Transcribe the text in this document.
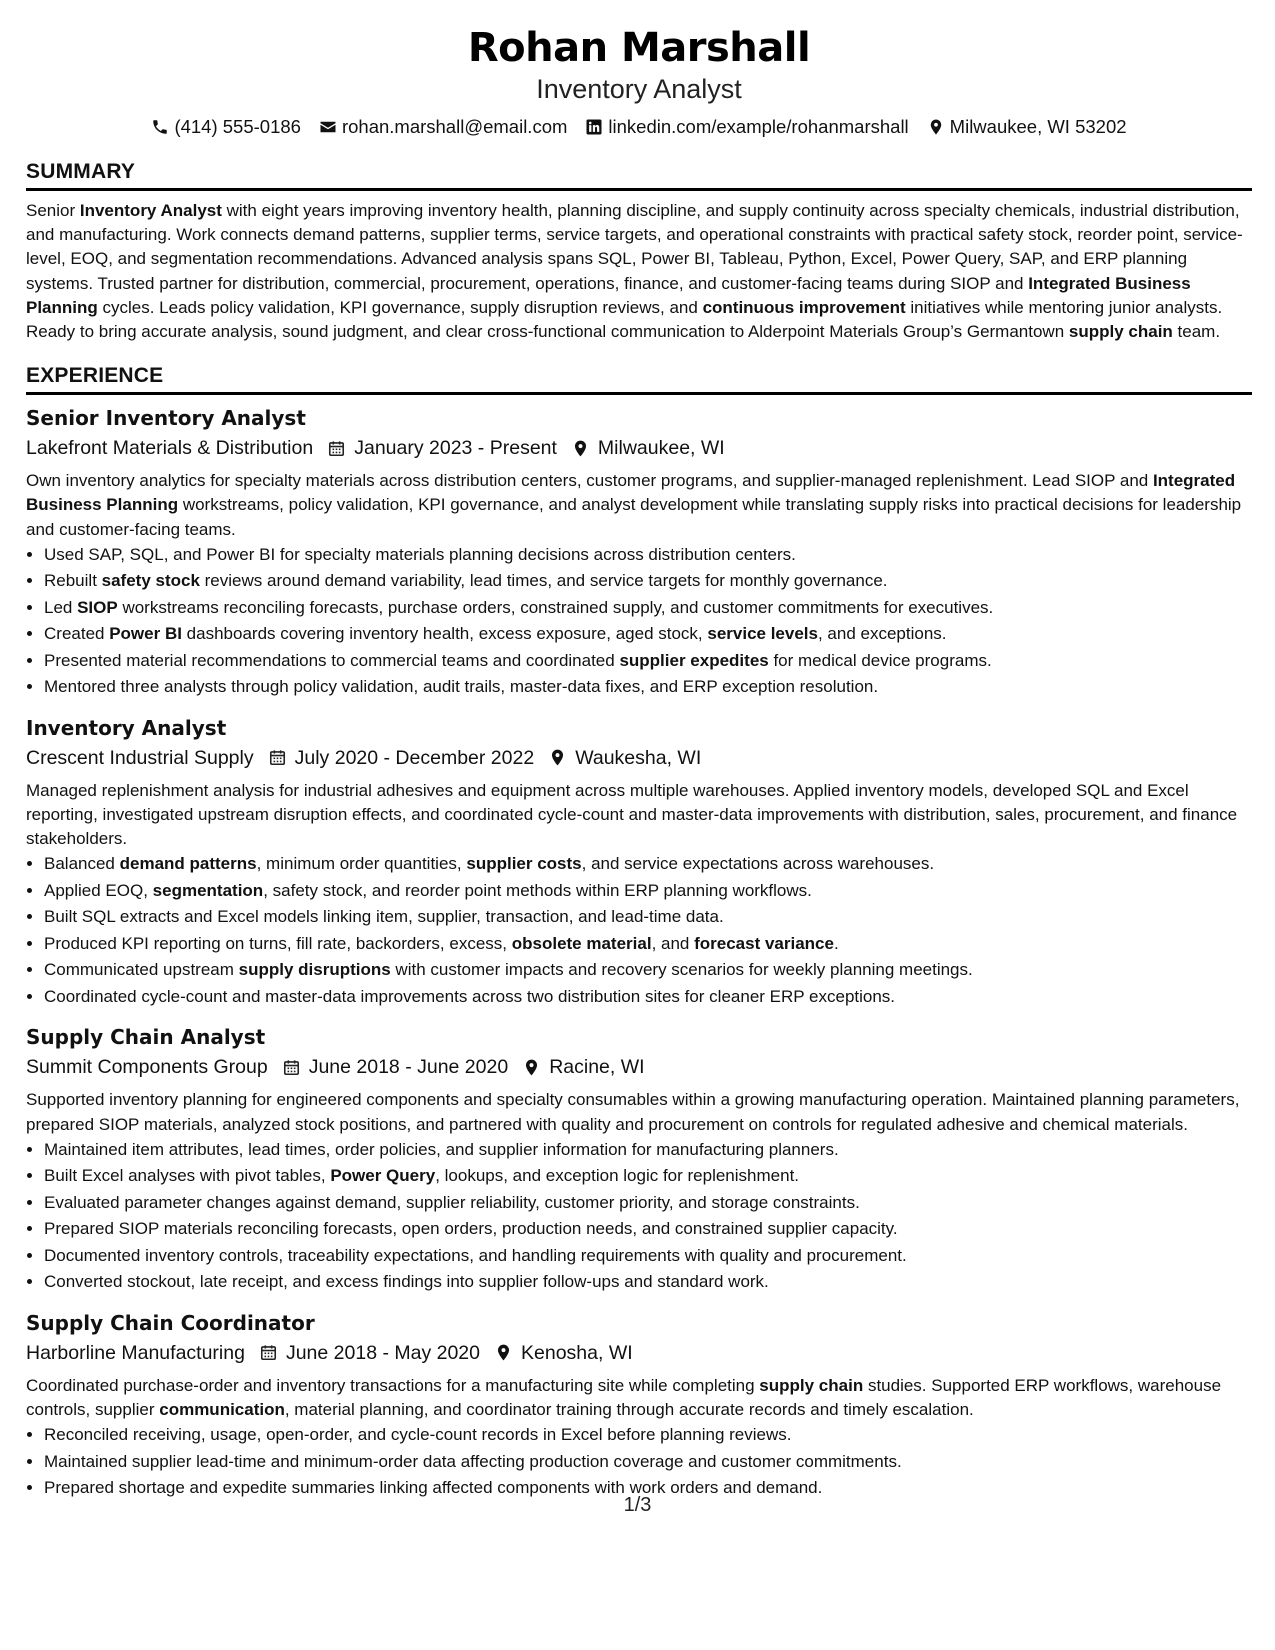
Rohan Marshall
Inventory Analyst
(414) 555-0186 rohan.marshall@email.com linkedin.com/example/rohanmarshall Milwaukee, WI 53202
SUMMARY
Senior Inventory Analyst with eight years improving inventory health, planning discipline, and supply continuity across specialty chemicals, industrial distribution, and manufacturing. Work connects demand patterns, supplier terms, service targets, and operational constraints with practical safety stock, reorder point, service-level, EOQ, and segmentation recommendations. Advanced analysis spans SQL, Power BI, Tableau, Python, Excel, Power Query, SAP, and ERP planning systems. Trusted partner for distribution, commercial, procurement, operations, finance, and customer-facing teams during SIOP and Integrated Business Planning cycles. Leads policy validation, KPI governance, supply disruption reviews, and continuous improvement initiatives while mentoring junior analysts. Ready to bring accurate analysis, sound judgment, and clear cross-functional communication to Alderpoint Materials Group’s Germantown supply chain team.
EXPERIENCE
Senior Inventory Analyst
Lakefront Materials & Distribution January 2023 - Present Milwaukee, WI
Own inventory analytics for specialty materials across distribution centers, customer programs, and supplier-managed replenishment. Lead SIOP and Integrated Business Planning workstreams, policy validation, KPI governance, and analyst development while translating supply risks into practical decisions for leadership and customer-facing teams.
• Used SAP, SQL, and Power BI for specialty materials planning decisions across distribution centers.
• Rebuilt safety stock reviews around demand variability, lead times, and service targets for monthly governance.
• Led SIOP workstreams reconciling forecasts, purchase orders, constrained supply, and customer commitments for executives.
• Created Power BI dashboards covering inventory health, excess exposure, aged stock, service levels, and exceptions.
• Presented material recommendations to commercial teams and coordinated supplier expedites for medical device programs.
• Mentored three analysts through policy validation, audit trails, master-data fixes, and ERP exception resolution.
Inventory Analyst
Crescent Industrial Supply July 2020 - December 2022 Waukesha, WI
Managed replenishment analysis for industrial adhesives and equipment across multiple warehouses. Applied inventory models, developed SQL and Excel reporting, investigated upstream disruption effects, and coordinated cycle-count and master-data improvements with distribution, sales, procurement, and finance stakeholders.
• Balanced demand patterns, minimum order quantities, supplier costs, and service expectations across warehouses.
• Applied EOQ, segmentation, safety stock, and reorder point methods within ERP planning workflows.
• Built SQL extracts and Excel models linking item, supplier, transaction, and lead-time data.
• Produced KPI reporting on turns, fill rate, backorders, excess, obsolete material, and forecast variance.
• Communicated upstream supply disruptions with customer impacts and recovery scenarios for weekly planning meetings.
• Coordinated cycle-count and master-data improvements across two distribution sites for cleaner ERP exceptions.
Supply Chain Analyst
Summit Components Group June 2018 - June 2020 Racine, WI
Supported inventory planning for engineered components and specialty consumables within a growing manufacturing operation. Maintained planning parameters, prepared SIOP materials, analyzed stock positions, and partnered with quality and procurement on controls for regulated adhesive and chemical materials.
• Maintained item attributes, lead times, order policies, and supplier information for manufacturing planners.
• Built Excel analyses with pivot tables, Power Query, lookups, and exception logic for replenishment.
• Evaluated parameter changes against demand, supplier reliability, customer priority, and storage constraints.
• Prepared SIOP materials reconciling forecasts, open orders, production needs, and constrained supplier capacity.
• Documented inventory controls, traceability expectations, and handling requirements with quality and procurement.
• Converted stockout, late receipt, and excess findings into supplier follow-ups and standard work.
Supply Chain Coordinator
Harborline Manufacturing June 2018 - May 2020 Kenosha, WI
Coordinated purchase-order and inventory transactions for a manufacturing site while completing supply chain studies. Supported ERP workflows, warehouse controls, supplier communication, material planning, and coordinator training through accurate records and timely escalation.
• Reconciled receiving, usage, open-order, and cycle-count records in Excel before planning reviews.
• Maintained supplier lead-time and minimum-order data affecting production coverage and customer commitments.
• Prepared shortage and expedite summaries linking affected components with work orders and demand.
1/3
